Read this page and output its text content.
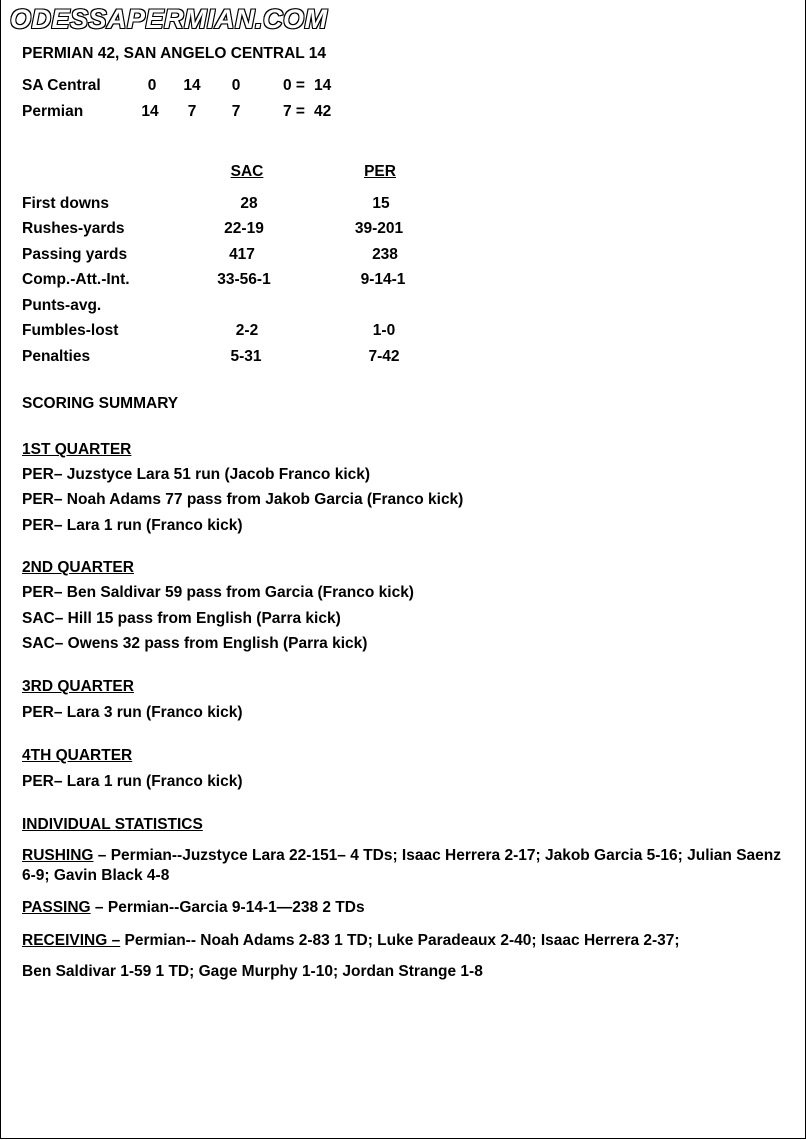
ODESSAPERMIAN.COM
PERMIAN 42, SAN ANGELO CENTRAL 14
SA Central	0	14	0	0 = 14
Permian	14	7	7	7 = 42
SAC	PER
First downs	28	15
Rushes-yards	22-19	39-201
Passing yards	417	238
Comp.-Att.-Int.	33-56-1	9-14-1
Punts-avg.
Fumbles-lost	2-2	1-0
Penalties	5-31	7-42
SCORING SUMMARY
1ST QUARTER
PER– Juzstyce Lara 51 run (Jacob Franco kick)
PER– Noah Adams 77 pass from Jakob Garcia (Franco kick)
PER– Lara 1 run (Franco kick)
2ND QUARTER
PER– Ben Saldivar 59 pass from Garcia (Franco kick)
SAC– Hill 15 pass from English (Parra kick)
SAC– Owens 32 pass from English (Parra kick)
3RD QUARTER
PER– Lara 3 run (Franco kick)
4TH QUARTER
PER– Lara 1 run (Franco kick)
INDIVIDUAL STATISTICS
RUSHING – Permian--Juzstyce Lara 22-151– 4 TDs; Isaac Herrera 2-17; Jakob Garcia 5-16; Julian Saenz 6-9; Gavin Black 4-8
PASSING – Permian--Garcia 9-14-1—238 2 TDs
RECEIVING – Permian-- Noah Adams 2-83 1 TD; Luke Paradeaux 2-40; Isaac Herrera 2-37;
Ben Saldivar 1-59 1 TD; Gage Murphy 1-10; Jordan Strange 1-8
